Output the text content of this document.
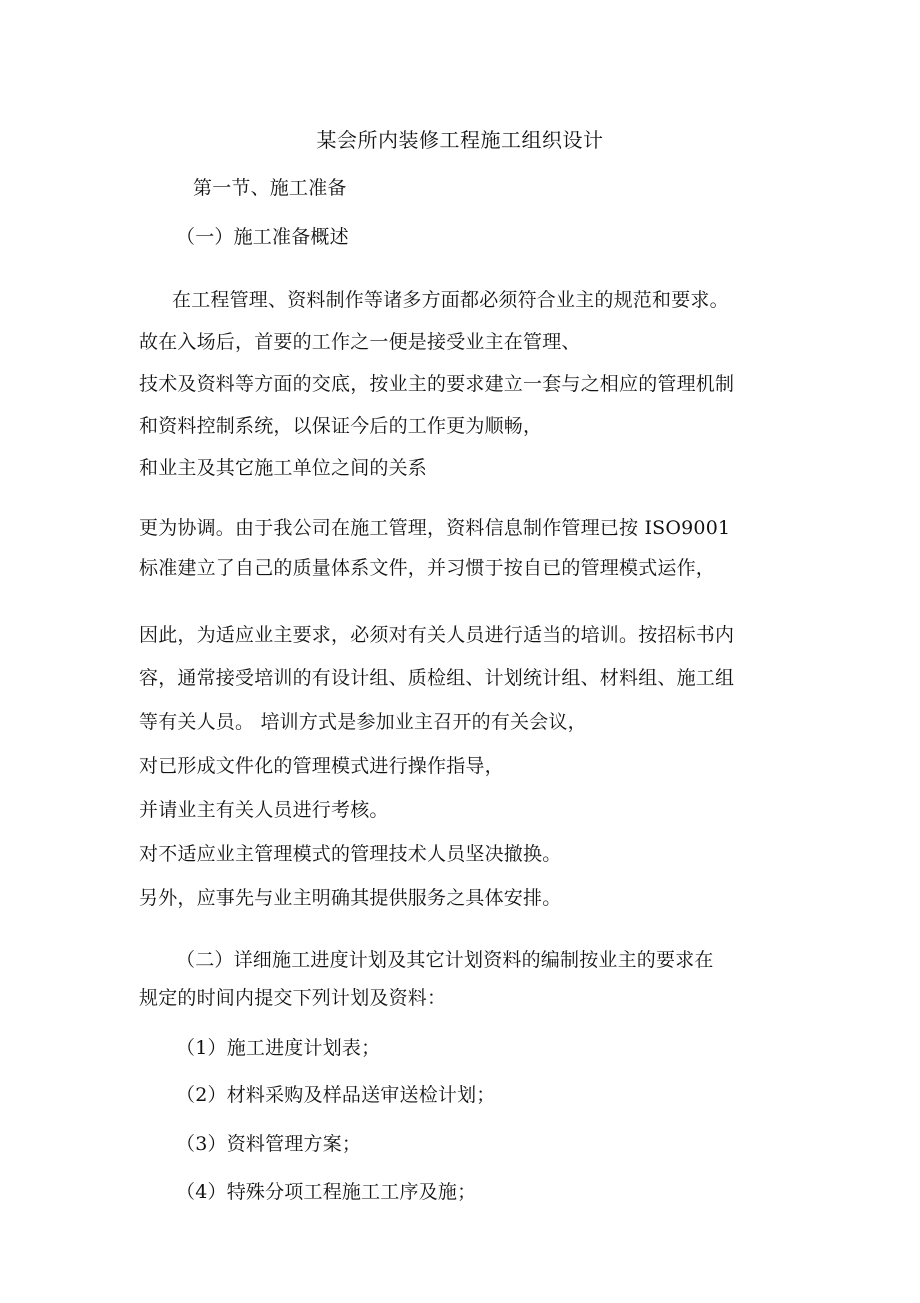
某会所内装修工程施工组织设计
第一节、施工准备
（一）施工准备概述
在工程管理、资料制作等诸多方面都必须符合业主的规范和要求。
故在入场后，首要的工作之一便是接受业主在管理、
技术及资料等方面的交底，按业主的要求建立一套与之相应的管理机制
和资料控制系统，以保证今后的工作更为顺畅，
和业主及其它施工单位之间的关系
更为协调。由于我公司在施工管理，资料信息制作管理已按 ISO9001
标准建立了自己的质量体系文件，并习惯于按自已的管理模式运作，
因此，为适应业主要求，必须对有关人员进行适当的培训。按招标书内
容，通常接受培训的有设计组、质检组、计划统计组、材料组、施工组
等有关人员。 培训方式是参加业主召开的有关会议，
对已形成文件化的管理模式进行操作指导，
并请业主有关人员进行考核。
对不适应业主管理模式的管理技术人员坚决撤换。
另外，应事先与业主明确其提供服务之具体安排。
（二）详细施工进度计划及其它计划资料的编制按业主的要求在
规定的时间内提交下列计划及资料：
（1）施工进度计划表；
（2）材料采购及样品送审送检计划；
（3）资料管理方案；
（4）特殊分项工程施工工序及施；
